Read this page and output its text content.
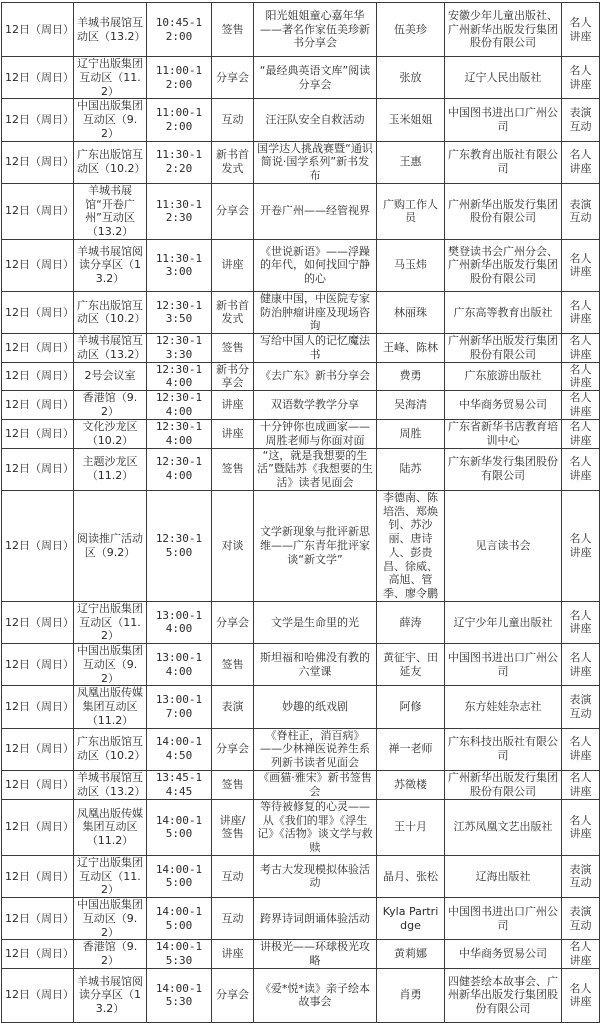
12日（周日）	羊城书展馆互动区（13.2）	10:45-12:00	签售	阳光姐姐童心嘉年华——著名作家伍美珍新书分享会	伍美珍	安徽少年儿童出版社、广州新华出版发行集团股份有限公司	名人讲座
12日（周日）	辽宁出版集团互动区（11.2）	11:00-12:00	分享会	“最经典英语文库”阅读分享会	张放	辽宁人民出版社	名人讲座
12日（周日）	中国出版集团互动区（9.2）	11:00-12:00	互动	汪汪队安全自救活动	玉米姐姐	中国图书进出口广州公司	表演互动
12日（周日）	广东出版馆互动区（10.2）	11:30-12:20	新书首发式	国学达人挑战赛暨“通识简说·国学系列”新书发布	王惠	广东教育出版社有限公司	名人讲座
12日（周日）	羊城书展馆“开卷广州”互动区（13.2）	11:30-12:30	分享会	开卷广州——经管视界	广购工作人员	广州新华出版发行集团股份有限公司	表演互动
12日（周日）	羊城书展馆阅读分享区（13.2）	11:30-13:00	讲座	《世说新语》——浮躁的年代，如何找回宁静的心	马玉炜	樊登读书会广州分会、广州新华出版发行集团股份有限公司	名人讲座
12日（周日）	广东出版馆互动区（10.2）	12:30-13:50	新书首发式	健康中国，中医院专家防治肿瘤讲座及现场咨询	林丽珠	广东高等教育出版社	名人讲座
12日（周日）	羊城书展馆互动区（13.2）	12:30-13:30	签售	写给中国人的记忆魔法书	王峰、陈林	广州新华出版发行集团股份有限公司	名人讲座
12日（周日）	2号会议室	12:30-14:00	新书分享会	《去广东》新书分享会	费勇	广东旅游出版社	名人讲座
12日（周日）	香港馆（9.2）	12:30-14:00	讲座	双语数学教学分享	吴海清	中华商务贸易公司	名人讲座
12日（周日）	文化沙龙区（10.2）	12:30-14:00	讲座	十分钟你也成画家——周胜老师与你面对面	周胜	广东省新华书店教育培训中心	名人讲座
12日（周日）	主题沙龙区（11.2）	12:30-14:00	签售	“这，就是我想要的生活”暨陆苏《我想要的生活》读者见面会	陆苏	广东新华发行集团股份有限公司	名人讲座
12日（周日）	阅读推广活动区（9.2）	12:30-15:00	对谈	文学新现象与批评新思维——广东青年批评家谈“新文学”	李德南、陈培浩、郑焕钊、苏沙丽、唐诗人、彭贵昌、徐威、高旭、管季、廖令鹏	见言读书会	名人讲座
12日（周日）	辽宁出版集团互动区（11.2）	13:00-14:00	分享会	文学是生命里的光	薛涛	辽宁少年儿童出版社	名人讲座
12日（周日）	中国出版集团互动区（9.2）	13:00-14:00	签售	斯坦福和哈佛没有教的六堂课	黄征宇、田延友	中国图书进出口广州公司	名人讲座
12日（周日）	凤凰出版传媒集团互动区（11.2）	13:00-17:00	表演	妙趣的纸戏剧	阿修	东方娃娃杂志社	表演互动
12日（周日）	广东出版馆互动区（10.2）	14:00-14:50	分享会	《脊柱正，消百病》——少林禅医说养生系列新书读者见面会	禅一老师	广东科技出版社有限公司	名人讲座
12日（周日）	羊城书展馆互动区（13.2）	13:45-14:45	签售	《画猫·雅宋》新书签售会	苏徵楼	广州新华出版发行集团股份有限公司	名人讲座
12日（周日）	凤凰出版传媒集团互动区（11.2）	14:00-15:00	讲座/签售	等待被修复的心灵——从《我们的罪》《浮生记》《活物》谈文学与救赎	王十月	江苏凤凰文艺出版社	名人讲座
12日（周日）	辽宁出版集团互动区（11.2）	14:00-15:00	互动	考古大发现模拟体验活动	晶月、张松	辽海出版社	表演互动
12日（周日）	中国出版集团互动区（9.2）	14:00-15:00	互动	跨界诗词朗诵体验活动	Kyla Partridge	中国图书进出口广州公司	表演互动
12日（周日）	香港馆（9.2）	14:00-15:30	讲座	讲极光——环球极光攻略	黄莉娜	中华商务贸易公司	名人讲座
12日（周日）	羊城书展馆阅读分享区（13.2）	14:00-15:30	分享会	《爱*悦*读》亲子绘本故事会	肖勇	四健荟绘本故事会、广州新华出版发行集团股份有限公司	名人讲座
